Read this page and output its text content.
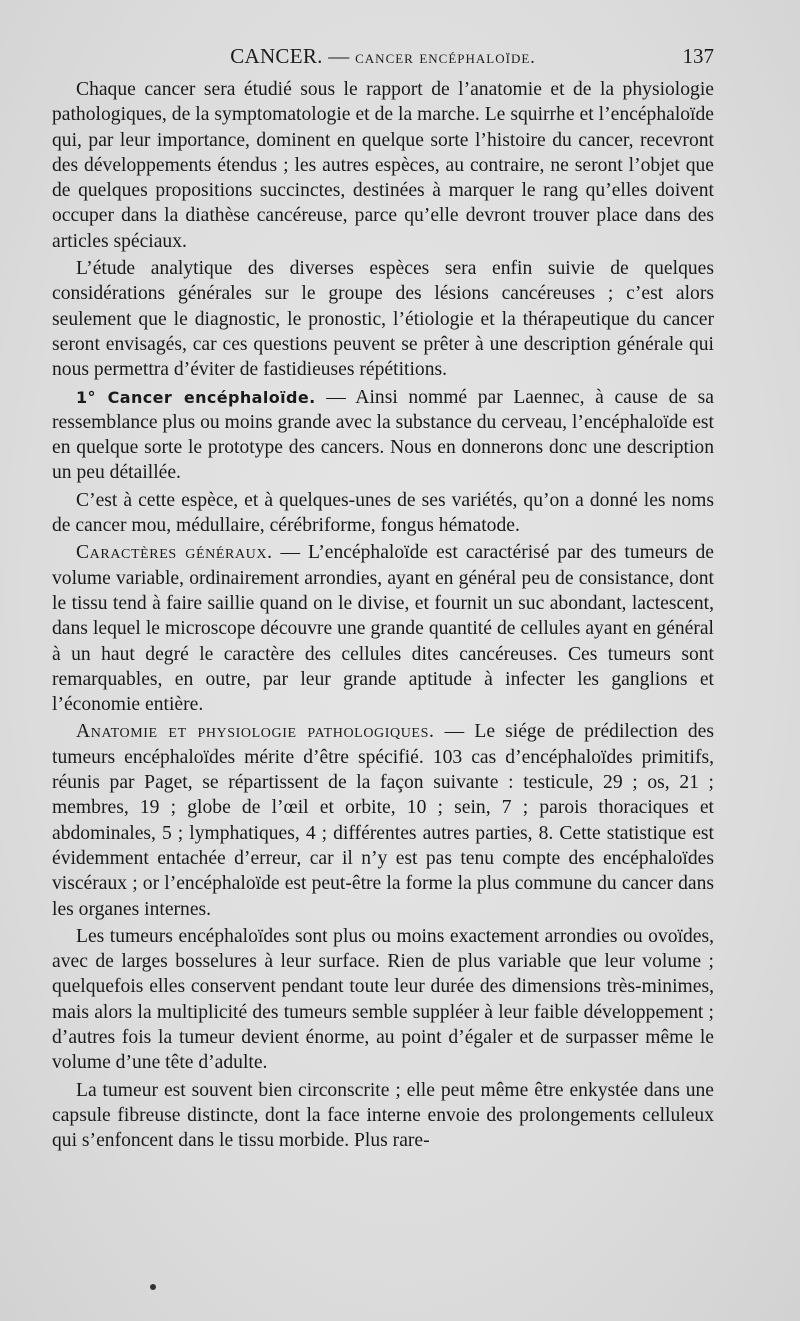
CANCER. — cancer encéphaloïde.	137

Chaque cancer sera étudié sous le rapport de l’anatomie et de la physiologie pathologiques, de la symptomatologie et de la marche. Le squirrhe et l’encéphaloïde qui, par leur importance, dominent en quelque sorte l’histoire du cancer, recevront des développements étendus ; les autres espèces, au contraire, ne seront l’objet que de quelques propositions succinctes, destinées à marquer le rang qu’elles doivent occuper dans la diathèse cancéreuse, parce qu’elle devront trouver place dans des articles spéciaux.

L’étude analytique des diverses espèces sera enfin suivie de quelques considérations générales sur le groupe des lésions cancéreuses ; c’est alors seulement que le diagnostic, le pronostic, l’étiologie et la thérapeutique du cancer seront envisagés, car ces questions peuvent se prêter à une description générale qui nous permettra d’éviter de fastidieuses répétitions.

1° Cancer encéphaloïde. — Ainsi nommé par Laennec, à cause de sa ressemblance plus ou moins grande avec la substance du cerveau, l’encéphaloïde est en quelque sorte le prototype des cancers. Nous en donnerons donc une description un peu détaillée.

C’est à cette espèce, et à quelques-unes de ses variétés, qu’on a donné les noms de cancer mou, médullaire, cérébriforme, fongus hématode.

Caractères généraux. — L’encéphaloïde est caractérisé par des tumeurs de volume variable, ordinairement arrondies, ayant en général peu de consistance, dont le tissu tend à faire saillie quand on le divise, et fournit un suc abondant, lactescent, dans lequel le microscope découvre une grande quantité de cellules ayant en général à un haut degré le caractère des cellules dites cancéreuses. Ces tumeurs sont remarquables, en outre, par leur grande aptitude à infecter les ganglions et l’économie entière.

Anatomie et physiologie pathologiques. — Le siége de prédilection des tumeurs encéphaloïdes mérite d’être spécifié. 103 cas d’encéphaloïdes primitifs, réunis par Paget, se répartissent de la façon suivante : testicule, 29 ; os, 21 ; membres, 19 ; globe de l’œil et orbite, 10 ; sein, 7 ; parois thoraciques et abdominales, 5 ; lymphatiques, 4 ; différentes autres parties, 8. Cette statistique est évidemment entachée d’erreur, car il n’y est pas tenu compte des encéphaloïdes viscéraux ; or l’encéphaloïde est peut-être la forme la plus commune du cancer dans les organes internes.

Les tumeurs encéphaloïdes sont plus ou moins exactement arrondies ou ovoïdes, avec de larges bosselures à leur surface. Rien de plus variable que leur volume ; quelquefois elles conservent pendant toute leur durée des dimensions très-minimes, mais alors la multiplicité des tumeurs semble suppléer à leur faible développement ; d’autres fois la tumeur devient énorme, au point d’égaler et de surpasser même le volume d’une tête d’adulte.

La tumeur est souvent bien circonscrite ; elle peut même être enkystée dans une capsule fibreuse distincte, dont la face interne envoie des prolongements celluleux qui s’enfoncent dans le tissu morbide. Plus rare-
